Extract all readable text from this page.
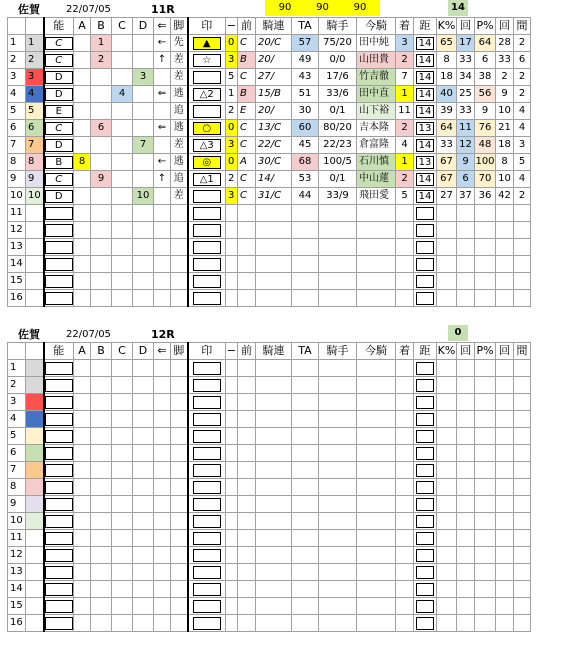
佐賀	22/07/05	11R	90	90	90	14
		能	A	B	C	D	⇐	脚	印	−	前	騎連	TA	騎手	今騎	着	距	K%	回	P%	回	間
1	1	C		1			←	先	▲	0	C	20/C	57	75/20	田中純	3	14	65	17	64	28	2
2	2	C		2			↑	差	☆	3	B	20/	49	0/0	山田貴	2	14	8	33	6	33	6
3	3	D				3		差		5	C	27/	43	17/6	竹吉徹	7	14	18	34	38	2	2
4	4	D			4		⇐	逃	△2	1	B	15/B	51	33/6	田中直	1	14	40	25	56	9	2
5	5	E						追		2	E	20/	30	0/1	山下裕	11	14	39	33	9	10	4
6	6	C		6			⇐	逃	○	0	C	13/C	60	80/20	吉本隆	2	13	64	11	76	21	4
7	7	D				7		差	△3	3	C	22/C	45	22/23	倉富隆	4	14	33	12	48	18	3
8	8	B	8				←	逃	◎	0	A	30/C	68	100/5	石川慎	1	13	67	9	100	8	5
9	9	C		9			↑	追	△1	2	C	14/	53	0/1	中山蓮	2	14	67	6	70	10	4
10	10	D				10		差		3	C	31/C	44	33/9	飛田愛	5	14	27	37	36	42	2
11		

12		

13		

14		

15		

16		

佐賀	22/07/05	12R	0
		能	A	B	C	D	⇐	脚	印	−	前	騎連	TA	騎手	今騎	着	距	K%	回	P%	回	間
1		

2		

3		

4		

5		

6		

7		

8		

9		

10		

11		

12		

13		

14		

15		

16		
